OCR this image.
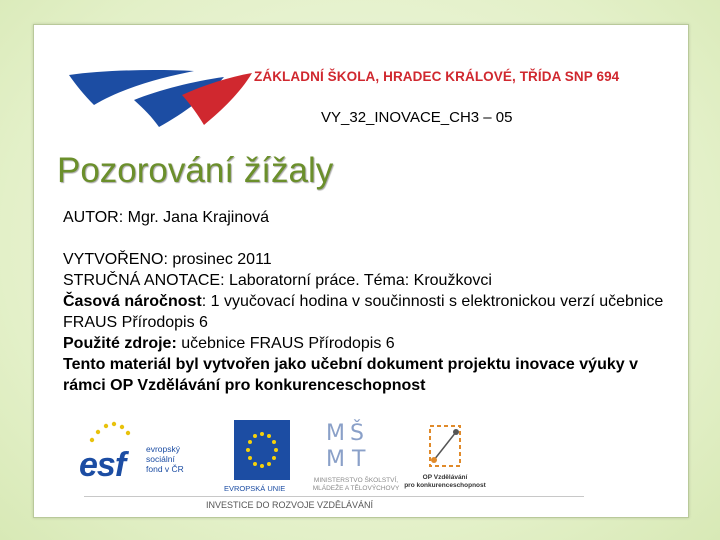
ZÁKLADNÍ ŠKOLA, HRADEC KRÁLOVÉ, TŘÍDA SNP 694
VY_32_INOVACE_CH3 – 05
Pozorování žížaly

AUTOR: Mgr. Jana Krajinová

VYTVOŘENO: prosinec 2011

STRUČNÁ ANOTACE: Laboratorní práce. Téma: Kroužkovci

Časová náročnost: 1 vyučovací hodina v součinnosti s elektronickou verzí učebnice FRAUS Přírodopis 6

Použité zdroje: učebnice FRAUS Přírodopis 6

Tento materiál byl vytvořen jako učební dokument projektu inovace výuky v rámci OP Vzdělávání pro konkurenceschopnost

esf evropský
sociální
fond v ČR
EVROPSKÁ UNIE
M Š
M T
MINISTERSTVO ŠKOLSTVÍ,
MLÁDEŽE A TĚLOVÝCHOVY
OP Vzdělávání
pro konkurenceschopnost
INVESTICE DO ROZVOJE VZDĚLÁVÁNÍ
